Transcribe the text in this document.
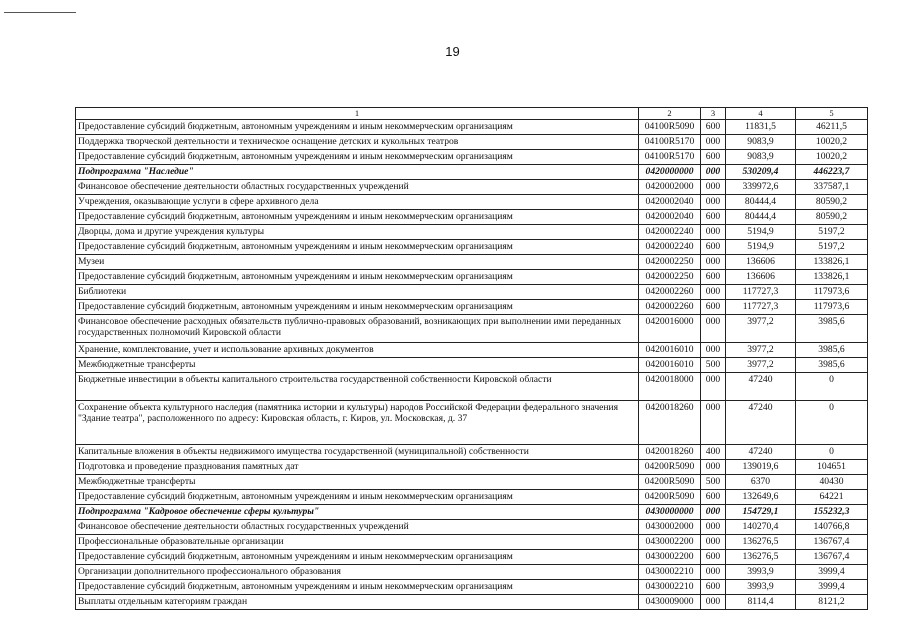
19
1	2	3	4	5
Предоставление субсидий бюджетным, автономным учреждениям и иным некоммерческим организациям	04100R5090	600	11831,5	46211,5
Поддержка творческой деятельности и техническое оснащение детских и кукольных театров	04100R5170	000	9083,9	10020,2
Предоставление субсидий бюджетным, автономным учреждениям и иным некоммерческим организациям	04100R5170	600	9083,9	10020,2
Подпрограмма "Наследие"	0420000000	000	530209,4	446223,7
Финансовое обеспечение деятельности областных государственных учреждений	0420002000	000	339972,6	337587,1
Учреждения, оказывающие услуги в сфере архивного дела	0420002040	000	80444,4	80590,2
Предоставление субсидий бюджетным, автономным учреждениям и иным некоммерческим организациям	0420002040	600	80444,4	80590,2
Дворцы, дома и другие учреждения культуры	0420002240	000	5194,9	5197,2
Предоставление субсидий бюджетным, автономным учреждениям и иным некоммерческим организациям	0420002240	600	5194,9	5197,2
Музеи	0420002250	000	136606	133826,1
Предоставление субсидий бюджетным, автономным учреждениям и иным некоммерческим организациям	0420002250	600	136606	133826,1
Библиотеки	0420002260	000	117727,3	117973,6
Предоставление субсидий бюджетным, автономным учреждениям и иным некоммерческим организациям	0420002260	600	117727,3	117973,6
Финансовое обеспечение расходных обязательств публично-правовых образований, возникающих при выполнении ими переданных государственных полномочий Кировской области	0420016000	000	3977,2	3985,6
Хранение, комплектование, учет и использование архивных документов	0420016010	000	3977,2	3985,6
Межбюджетные трансферты	0420016010	500	3977,2	3985,6
Бюджетные инвестиции в объекты капитального строительства государственной собственности Кировской области	0420018000	000	47240	0
Сохранение объекта культурного наследия (памятника истории и культуры) народов Российской Федерации федерального значения "Здание театра", расположенного по адресу: Кировская область, г. Киров, ул. Московская, д. 37	0420018260	000	47240	0
Капитальные вложения в объекты недвижимого имущества государственной (муниципальной) собственности	0420018260	400	47240	0
Подготовка и проведение празднования памятных дат	04200R5090	000	139019,6	104651
Межбюджетные трансферты	04200R5090	500	6370	40430
Предоставление субсидий бюджетным, автономным учреждениям и иным некоммерческим организациям	04200R5090	600	132649,6	64221
Подпрограмма "Кадровое обеспечение сферы культуры"	0430000000	000	154729,1	155232,3
Финансовое обеспечение деятельности областных государственных учреждений	0430002000	000	140270,4	140766,8
Профессиональные образовательные организации	0430002200	000	136276,5	136767,4
Предоставление субсидий бюджетным, автономным учреждениям и иным некоммерческим организациям	0430002200	600	136276,5	136767,4
Организации дополнительного профессионального образования	0430002210	000	3993,9	3999,4
Предоставление субсидий бюджетным, автономным учреждениям и иным некоммерческим организациям	0430002210	600	3993,9	3999,4
Выплаты отдельным категориям граждан	0430009000	000	8114,4	8121,2
